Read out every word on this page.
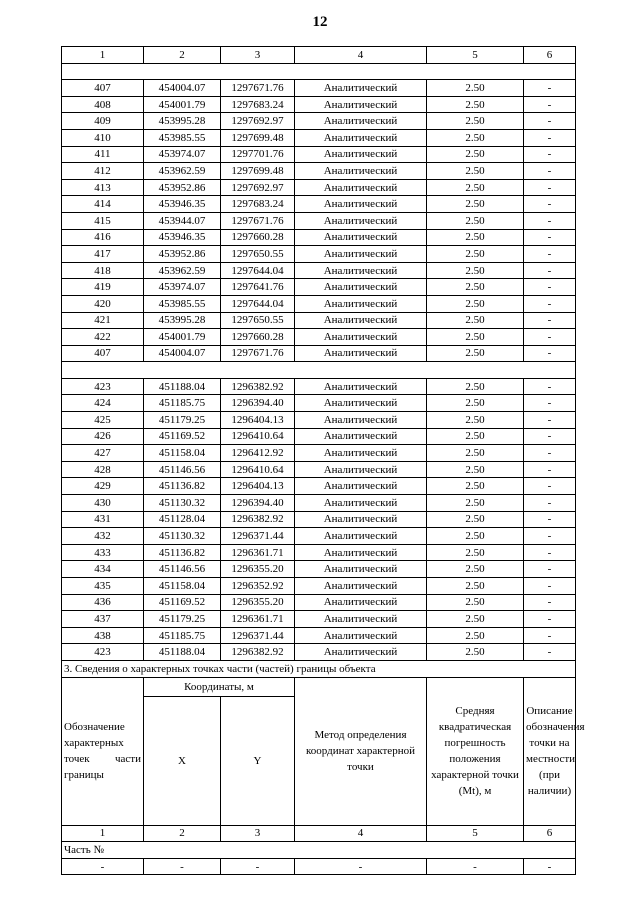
12
1	2	3	4	5	6

407	454004.07	1297671.76	Аналитический	2.50	-
408	454001.79	1297683.24	Аналитический	2.50	-
409	453995.28	1297692.97	Аналитический	2.50	-
410	453985.55	1297699.48	Аналитический	2.50	-
411	453974.07	1297701.76	Аналитический	2.50	-
412	453962.59	1297699.48	Аналитический	2.50	-
413	453952.86	1297692.97	Аналитический	2.50	-
414	453946.35	1297683.24	Аналитический	2.50	-
415	453944.07	1297671.76	Аналитический	2.50	-
416	453946.35	1297660.28	Аналитический	2.50	-
417	453952.86	1297650.55	Аналитический	2.50	-
418	453962.59	1297644.04	Аналитический	2.50	-
419	453974.07	1297641.76	Аналитический	2.50	-
420	453985.55	1297644.04	Аналитический	2.50	-
421	453995.28	1297650.55	Аналитический	2.50	-
422	454001.79	1297660.28	Аналитический	2.50	-
407	454004.07	1297671.76	Аналитический	2.50	-

423	451188.04	1296382.92	Аналитический	2.50	-
424	451185.75	1296394.40	Аналитический	2.50	-
425	451179.25	1296404.13	Аналитический	2.50	-
426	451169.52	1296410.64	Аналитический	2.50	-
427	451158.04	1296412.92	Аналитический	2.50	-
428	451146.56	1296410.64	Аналитический	2.50	-
429	451136.82	1296404.13	Аналитический	2.50	-
430	451130.32	1296394.40	Аналитический	2.50	-
431	451128.04	1296382.92	Аналитический	2.50	-
432	451130.32	1296371.44	Аналитический	2.50	-
433	451136.82	1296361.71	Аналитический	2.50	-
434	451146.56	1296355.20	Аналитический	2.50	-
435	451158.04	1296352.92	Аналитический	2.50	-
436	451169.52	1296355.20	Аналитический	2.50	-
437	451179.25	1296361.71	Аналитический	2.50	-
438	451185.75	1296371.44	Аналитический	2.50	-
423	451188.04	1296382.92	Аналитический	2.50	-
3. Сведения о характерных точках части (частей) границы объекта					
Обозначение характерных точек части границы	Координаты, м		Метод определения координат характерной точки	Средняя квадратическая погрешность положения характерной точки (Mt), м	Описание обозначения точки на местности (при наличии)
	X	Y			
1	2	3	4	5	6
Часть №					
-	-	-	-	-	-
